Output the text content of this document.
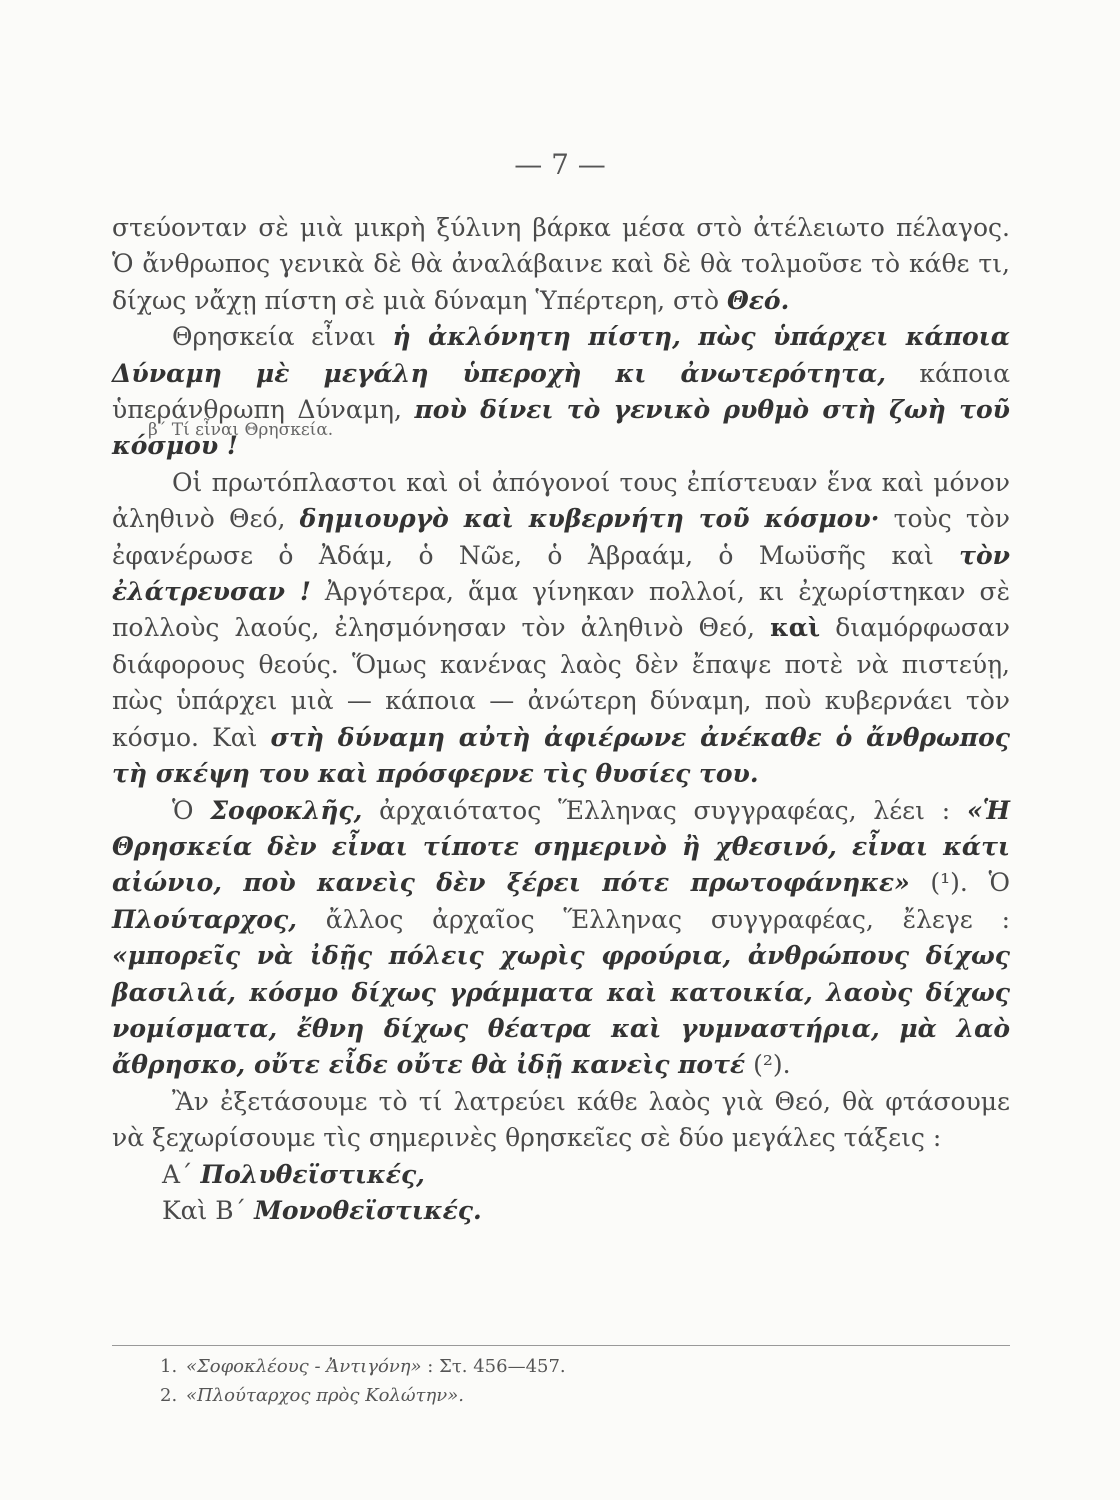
— 7 —

στεύονταν σὲ μιὰ μικρὴ ξύλινη βάρκα μέσα στὸ ἀτέλειωτο πέλαγος. Ὁ ἄνθρωπος γενικὰ δὲ θὰ ἀναλάβαινε καὶ δὲ θὰ τολμοῦσε τὸ κάθε τι, δίχως νἄχῃ πίστη σὲ μιὰ δύναμη Ὑπέρτερη, στὸ Θεό.

Θρησκεία εἶναι ἡ ἀκλόνητη πίστη, πὼς ὑπάρχει κάποια Δύναμη μὲ μεγάλη ὑπεροχὴ κι ἀνωτερότητα, κάποια ὑπεράνθρωπη Δύναμη, ποὺ δίνει τὸ γενικὸ ρυθμὸ στὴ ζωὴ τοῦ κόσμου !

Οἱ πρωτόπλαστοι καὶ οἱ ἀπόγονοί τους ἐπίστευαν ἕνα καὶ μόνον ἀληθινὸ Θεό, δημιουργὸ καὶ κυβερνήτη τοῦ κόσμου· τοὺς τὸν ἐφανέρωσε ὁ Ἀδάμ, ὁ Νῶε, ὁ Ἀβραάμ, ὁ Μωϋσῆς καὶ τὸν ἐλάτρευσαν ! Ἀργότερα, ἅμα γίνηκαν πολλοί, κι ἐχωρίστηκαν σὲ πολλοὺς λαούς, ἐλησμόνησαν τὸν ἀληθινὸ Θεό, καὶ διαμόρφωσαν διάφορους θεούς. Ὅμως κανένας λαὸς δὲν ἔπαψε ποτὲ νὰ πιστεύῃ, πὼς ὑπάρχει μιὰ — κάποια — ἀνώτερη δύναμη, ποὺ κυβερνάει τὸν κόσμο. Καὶ στὴ δύναμη αὐτὴ ἀφιέρωνε ἀνέκαθε ὁ ἄνθρωπος τὴ σκέψη του καὶ πρόσφερνε τὶς θυσίες του.

Ὁ Σοφοκλῆς, ἀρχαιότατος Ἕλληνας συγγραφέας, λέει : «Ἡ Θρησκεία δὲν εἶναι τίποτε σημερινὸ ἢ χθεσινό, εἶναι κάτι αἰώνιο, ποὺ κανεὶς δὲν ξέρει πότε πρωτοφάνηκε» (¹). Ὁ Πλούταρχος, ἄλλος ἀρχαῖος Ἕλληνας συγγραφέας, ἔλεγε : «μπορεῖς νὰ ἰδῇς πόλεις χωρὶς φρούρια, ἀνθρώπους δίχως βασιλιά, κόσμο δίχως γράμματα καὶ κατοικία, λαοὺς δίχως νομίσματα, ἔθνη δίχως θέατρα καὶ γυμναστήρια, μὰ λαὸ ἄθρησκο, οὔτε εἶδε οὔτε θὰ ἰδῇ κανεὶς ποτέ (²).

Ἂν ἐξετάσουμε τὸ τί λατρεύει κάθε λαὸς γιὰ Θεό, θὰ φτάσουμε νὰ ξεχωρίσουμε τὶς σημερινὲς θρησκεῖες σὲ δύο μεγάλες τάξεις :

Α΄ Πολυθεϊστικές,

Καὶ Β΄ Μονοθεϊστικές.

1. «Σοφοκλέους - Ἀντιγόνη» : Στ. 456—457.
2. «Πλούταρχος πρὸς Κολώτην».
β΄ Τί εἶναι Θρησκεία.
